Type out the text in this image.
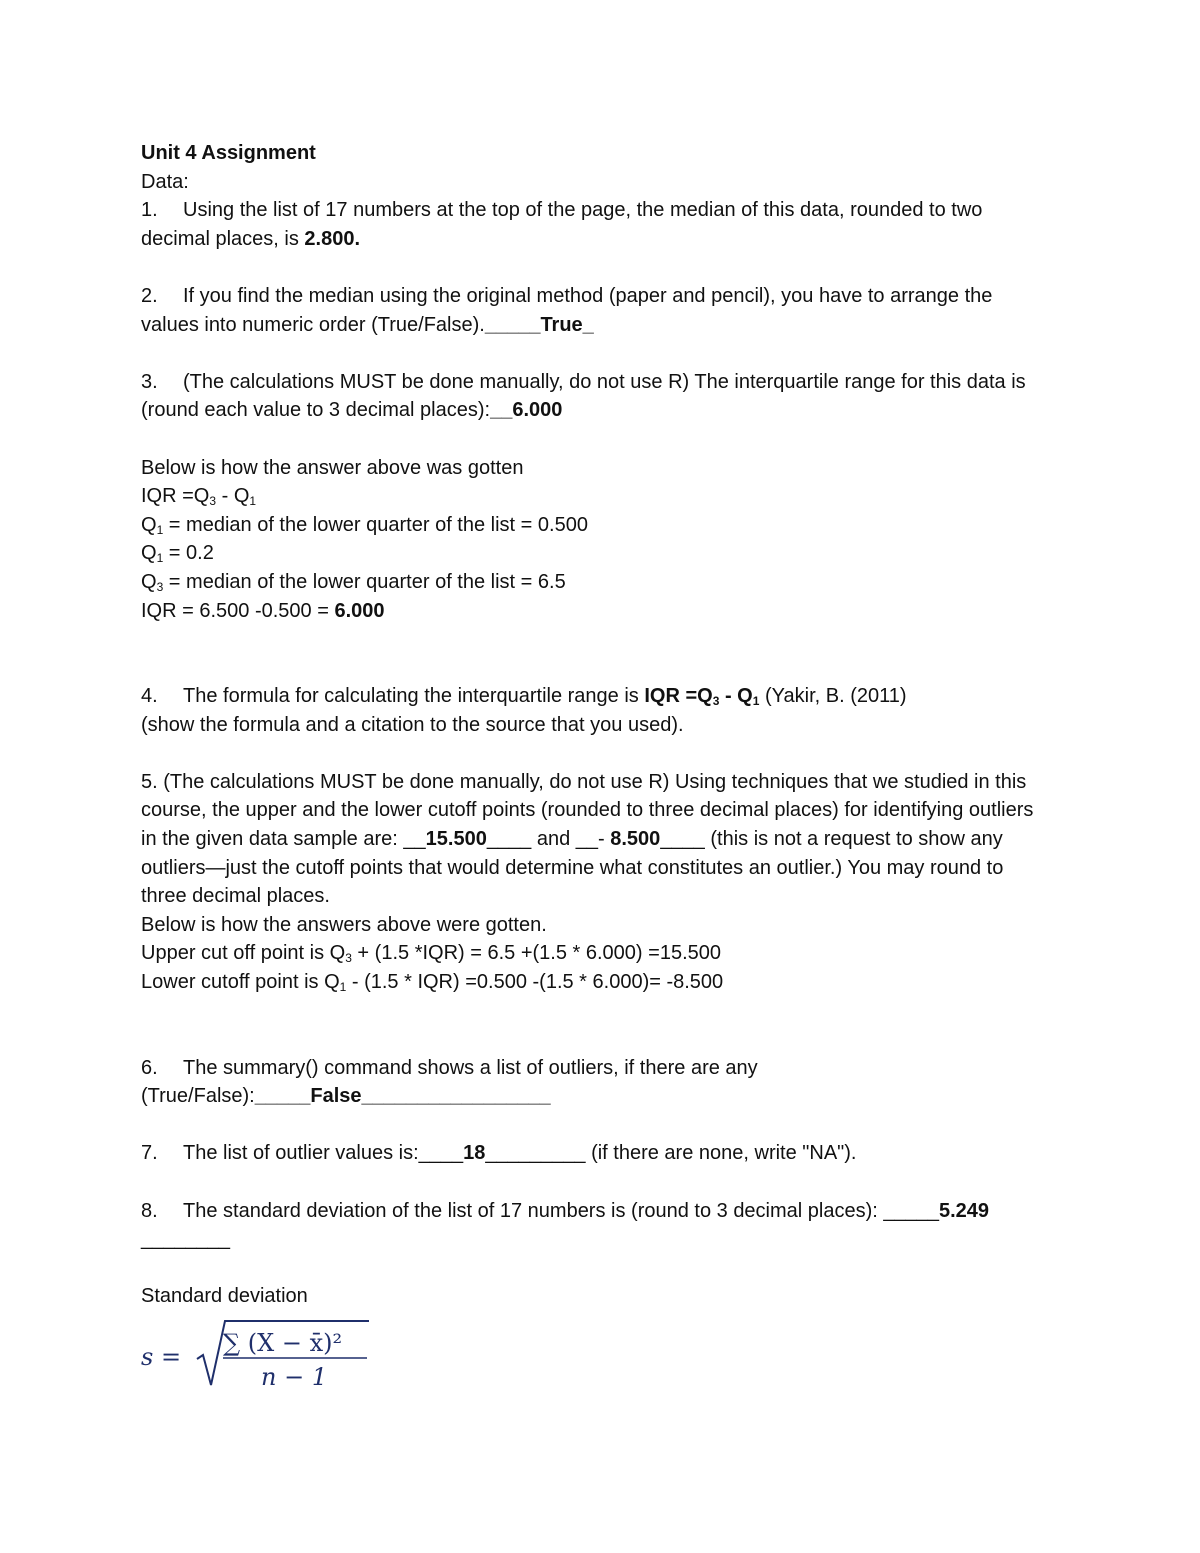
Unit 4 Assignment
Data:
1. Using the list of 17 numbers at the top of the page, the median of this data, rounded to two
decimal places, is 2.800.
2. If you find the median using the original method (paper and pencil), you have to arrange the
values into numeric order (True/False)._____True_
3. (The calculations MUST be done manually, do not use R) The interquartile range for this data is
(round each value to 3 decimal places):__6.000
Below is how the answer above was gotten
IQR $=Q_3 - Q_1$
$Q_1$ = median of the lower quarter of the list = 0.500
$Q_1 = 0.2$
$Q_3$ = median of the lower quarter of the list = 6.5
IQR = 6.500 -0.500 = 6.000
4. The formula for calculating the interquartile range is IQR $=Q_3 - Q_1$ (Yakir, B. (2011)
(show the formula and a citation to the source that you used).
5. (The calculations MUST be done manually, do not use R) Using techniques that we studied in this
course, the upper and the lower cutoff points (rounded to three decimal places) for identifying outliers
in the given data sample are: __15.500____ and __- 8.500____ (this is not a request to show any
outliers—just the cutoff points that would determine what constitutes an outlier.) You may round to
three decimal places.
Below is how the answers above were gotten.
Upper cut off point is $Q_3 + (1.5$ *IQR) = 6.5 +(1.5 * 6.000) =15.500
Lower cutoff point is $Q_1 - (1.5 * IQR) =0.500$ -(1.5 * 6.000)= -8.500
6. The summary() command shows a list of outliers, if there are any
(True/False):_____False_________________
7. The list of outlier values is:____18_________ (if there are none, write "NA").
8. The standard deviation of the list of 17 numbers is (round to 3 decimal places): _____5.249
________
Standard deviation
s = ∑ (X − x̄)²
n − 1
